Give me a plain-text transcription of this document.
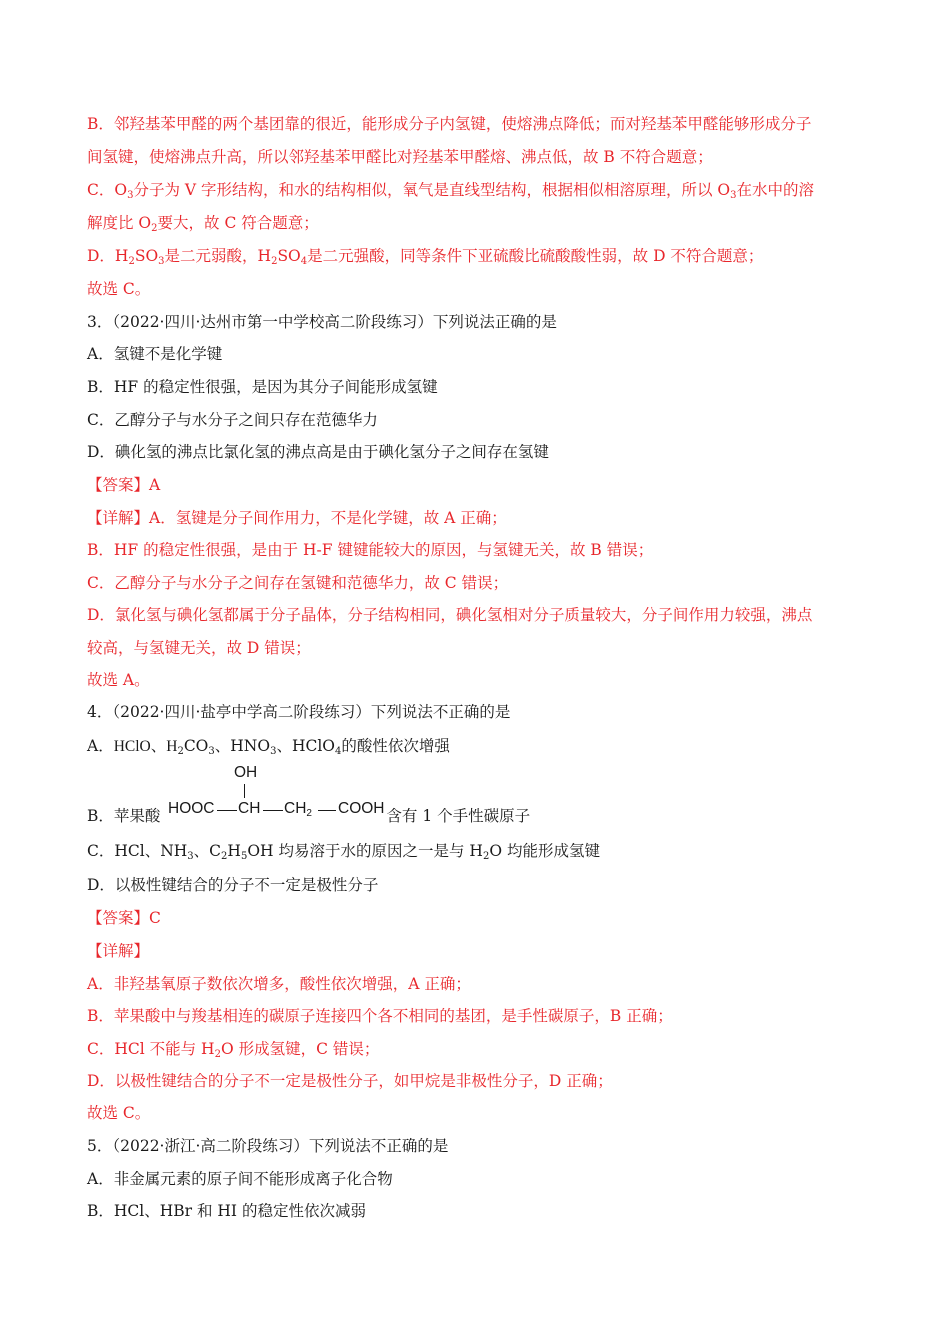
B．邻羟基苯甲醛的两个基团靠的很近，能形成分子内氢键，使熔沸点降低；而对羟基苯甲醛能够形成分子
间氢键，使熔沸点升高，所以邻羟基苯甲醛比对羟基苯甲醛熔、沸点低，故 B 不符合题意；
C．$O_3$分子为 V 字形结构，和水的结构相似，氧气是直线型结构，根据相似相溶原理，所以 $O_3$在水中的溶
解度比 $O_2$要大，故 C 符合题意；
D．$H_2SO_3$是二元弱酸，$H_2SO_4$是二元强酸，同等条件下亚硫酸比硫酸酸性弱，故 D 不符合题意；
故选 C。
3．（2022·四川·达州市第一中学校高二阶段练习）下列说法正确的是
A．氢键不是化学键
B．HF 的稳定性很强，是因为其分子间能形成氢键
C．乙醇分子与水分子之间只存在范德华力
D．碘化氢的沸点比氯化氢的沸点高是由于碘化氢分子之间存在氢键
【答案】A
【详解】A．氢键是分子间作用力，不是化学键，故 A 正确；
B．HF 的稳定性很强，是由于 H-F 键键能较大的原因，与氢键无关，故 B 错误；
C．乙醇分子与水分子之间存在氢键和范德华力，故 C 错误；
D．氯化氢与碘化氢都属于分子晶体，分子结构相同，碘化氢相对分子质量较大，分子间作用力较强，沸点
较高，与氢键无关，故 D 错误；
故选 A。
4．（2022·四川·盐亭中学高二阶段练习）下列说法不正确的是
A．HClO、$H_2CO_3$、$HNO_3$、HClO$_4$的酸性依次增强
B．苹果酸	含有 1 个手性碳原子
OH
HOOC CH $CH_2$ COOH
C．HCl、$NH_3$、$C_2H_5OH$ 均易溶于水的原因之一是与 $H_2O$ 均能形成氢键
D．以极性键结合的分子不一定是极性分子
【答案】C
【详解】
A．非羟基氧原子数依次增多，酸性依次增强，A 正确；
B．苹果酸中与羧基相连的碳原子连接四个各不相同的基团，是手性碳原子，B 正确；
C．HCl 不能与 $H_2O$ 形成氢键，C 错误；
D．以极性键结合的分子不一定是极性分子，如甲烷是非极性分子，D 正确；
故选 C。
5．（2022·浙江·高二阶段练习）下列说法不正确的是
A．非金属元素的原子间不能形成离子化合物
B．HCl、HBr 和 HI 的稳定性依次减弱
